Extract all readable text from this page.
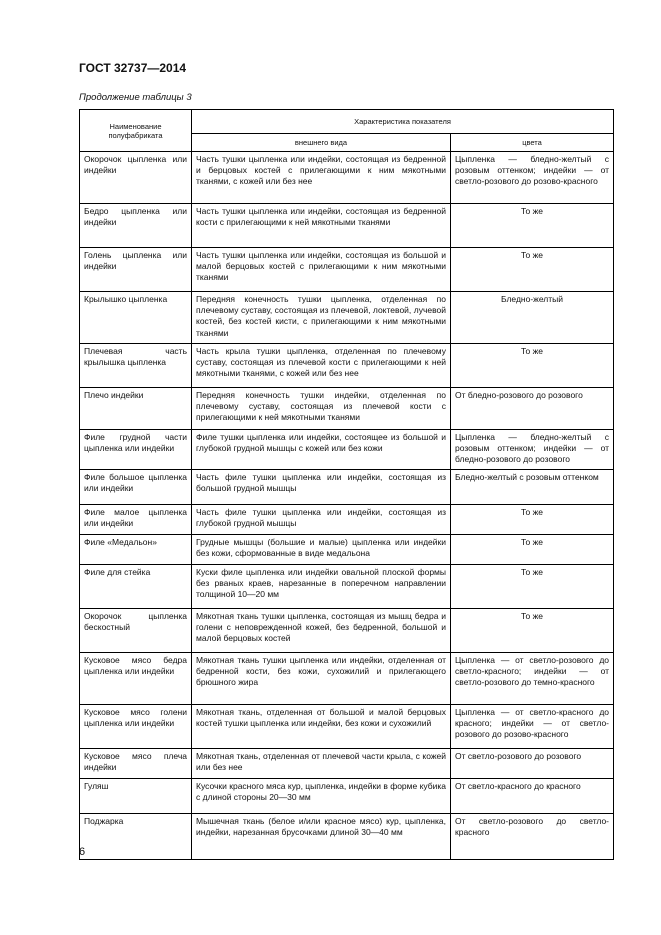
ГОСТ 32737—2014
Продолжение таблицы 3
Наименование полуфабриката	Характеристика показателя	
	внешнего вида	цвета
Окорочок цыпленка или индейки	Часть тушки цыпленка или индейки, состоящая из бедренной и берцовых костей с прилегающими к ним мякотными тканями, с кожей или без нее	Цыпленка — бледно-желтый с розовым оттенком; индейки — от светло-розового до розово-красного
Бедро цыпленка или индейки	Часть тушки цыпленка или индейки, состоящая из бедренной кости с прилегающими к ней мякотными тканями	То же
Голень цыпленка или индейки	Часть тушки цыпленка или индейки, состоящая из большой и малой берцовых костей с прилегающими к ним мякотными тканями	То же
Крылышко цыпленка	Передняя конечность тушки цыпленка, отделенная по плечевому суставу, состоящая из плечевой, локтевой, лучевой костей, без костей кисти, с прилегающими к ним мякотными тканями	Бледно-желтый
Плечевая часть крылышка цыпленка	Часть крыла тушки цыпленка, отделенная по плечевому суставу, состоящая из плечевой кости с прилегающими к ней мякотными тканями, с кожей или без нее	То же
Плечо индейки	Передняя конечность тушки индейки, отделенная по плечевому суставу, состоящая из плечевой кости с прилегающими к ней мякотными тканями	От бледно-розового до розового
Филе грудной части цыпленка или индейки	Филе тушки цыпленка или индейки, состоящее из большой и глубокой грудной мышцы с кожей или без кожи	Цыпленка — бледно-желтый с розовым оттенком; индейки — от бледно-розового до розового
Филе большое цыпленка или индейки	Часть филе тушки цыпленка или индейки, состоящая из большой грудной мышцы	Бледно-желтый с розовым оттенком
Филе малое цыпленка или индейки	Часть филе тушки цыпленка или индейки, состоящая из глубокой грудной мышцы	То же
Филе «Медальон»	Грудные мышцы (большие и малые) цыпленка или индейки без кожи, сформованные в виде медальона	То же
Филе для стейка	Куски филе цыпленка или индейки овальной плоской формы без рваных краев, нарезанные в поперечном направлении толщиной 10—20 мм	То же
Окорочок цыпленка бескостный	Мякотная ткань тушки цыпленка, состоящая из мышц бедра и голени с неповрежденной кожей, без бедренной, большой и малой берцовых костей	То же
Кусковое мясо бедра цыпленка или индейки	Мякотная ткань тушки цыпленка или индейки, отделенная от бедренной кости, без кожи, сухожилий и прилегающего брюшного жира	Цыпленка — от светло-розового до светло-красного; индейки — от светло-розового до темно-красного
Кусковое мясо голени цыпленка или индейки	Мякотная ткань, отделенная от большой и малой берцовых костей тушки цыпленка или индейки, без кожи и сухожилий	Цыпленка — от светло-красного до красного; индейки — от светло-розового до розово-красного
Кусковое мясо плеча индейки	Мякотная ткань, отделенная от плечевой части крыла, с кожей или без нее	От светло-розового до розового
Гуляш	Кусочки красного мяса кур, цыпленка, индейки в форме кубика с длиной стороны 20—30 мм	От светло-красного до красного
Поджарка	Мышечная ткань (белое и/или красное мясо) кур, цыпленка, индейки, нарезанная брусочками длиной 30—40 мм	От светло-розового до светло-красного
6
